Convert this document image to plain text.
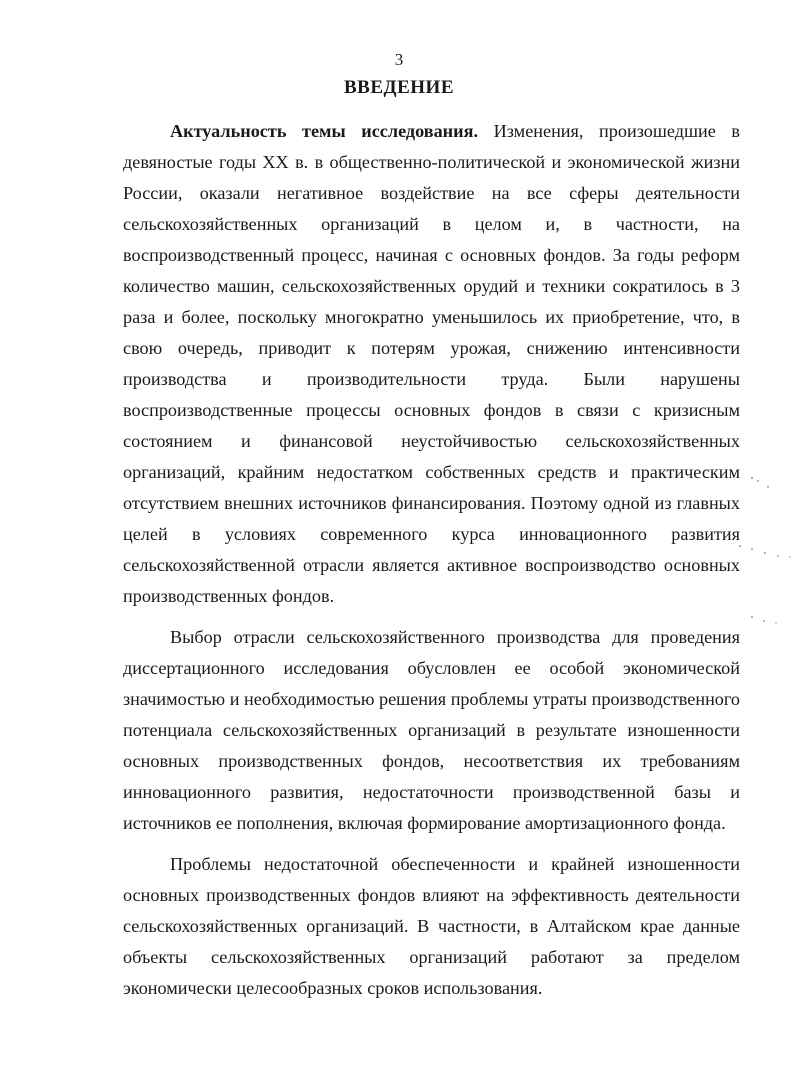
3
ВВЕДЕНИЕ

Актуальность темы исследования. Изменения, произошедшие в девяностые годы XX в. в общественно-политической и экономической жизни России, оказали негативное воздействие на все сферы деятельности сельскохозяйственных организаций в целом и, в частности, на воспроизводственный процесс, начиная с основных фондов. За годы реформ количество машин, сельскохозяйственных орудий и техники сократилось в 3 раза и более, поскольку многократно уменьшилось их приобретение, что, в свою очередь, приводит к потерям урожая, снижению интенсивности производства и производительности труда. Были нарушены воспроизводственные процессы основных фондов в связи с кризисным состоянием и финансовой неустойчивостью сельскохозяйственных организаций, крайним недостатком собственных средств и практическим отсутствием внешних источников финансирования. Поэтому одной из главных целей в условиях современного курса инновационного развития сельскохозяйственной отрасли является активное воспроизводство основных производственных фондов.

Выбор отрасли сельскохозяйственного производства для проведения диссертационного исследования обусловлен ее особой экономической значимостью и необходимостью решения проблемы утраты производственного потенциала сельскохозяйственных организаций в результате изношенности основных производственных фондов, несоответствия их требованиям инновационного развития, недостаточности производственной базы и источников ее пополнения, включая формирование амортизационного фонда.

Проблемы недостаточной обеспеченности и крайней изношенности основных производственных фондов влияют на эффективность деятельности сельскохозяйственных организаций. В частности, в Алтайском крае данные объекты сельскохозяйственных организаций работают за пределом экономически целесообразных сроков использования.
